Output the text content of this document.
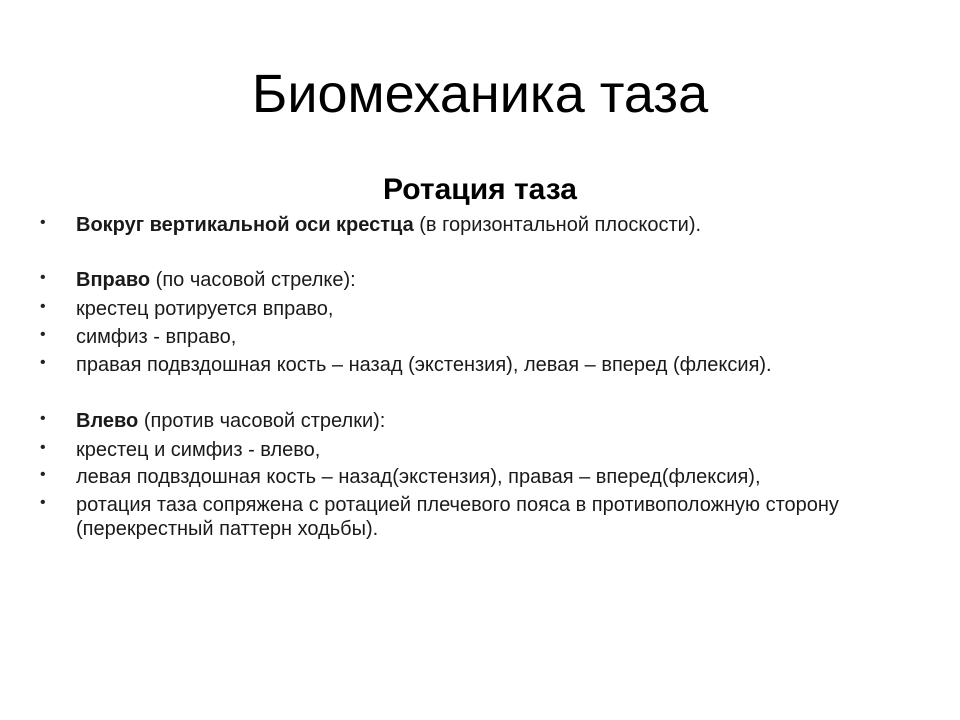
Биомеханика таза
Ротация таза
• Вокруг вертикальной оси крестца (в горизонтальной плоскости).
• Вправо (по часовой стрелке):
• крестец ротируется вправо,
• симфиз - вправо,
• правая подвздошная кость – назад (экстензия), левая – вперед (флексия).
• Влево (против часовой стрелки):
• крестец и симфиз - влево,
• левая подвздошная кость – назад(экстензия), правая – вперед(флексия),
• ротация таза сопряжена с ротацией плечевого пояса в противоположную сторону (перекрестный паттерн ходьбы).
